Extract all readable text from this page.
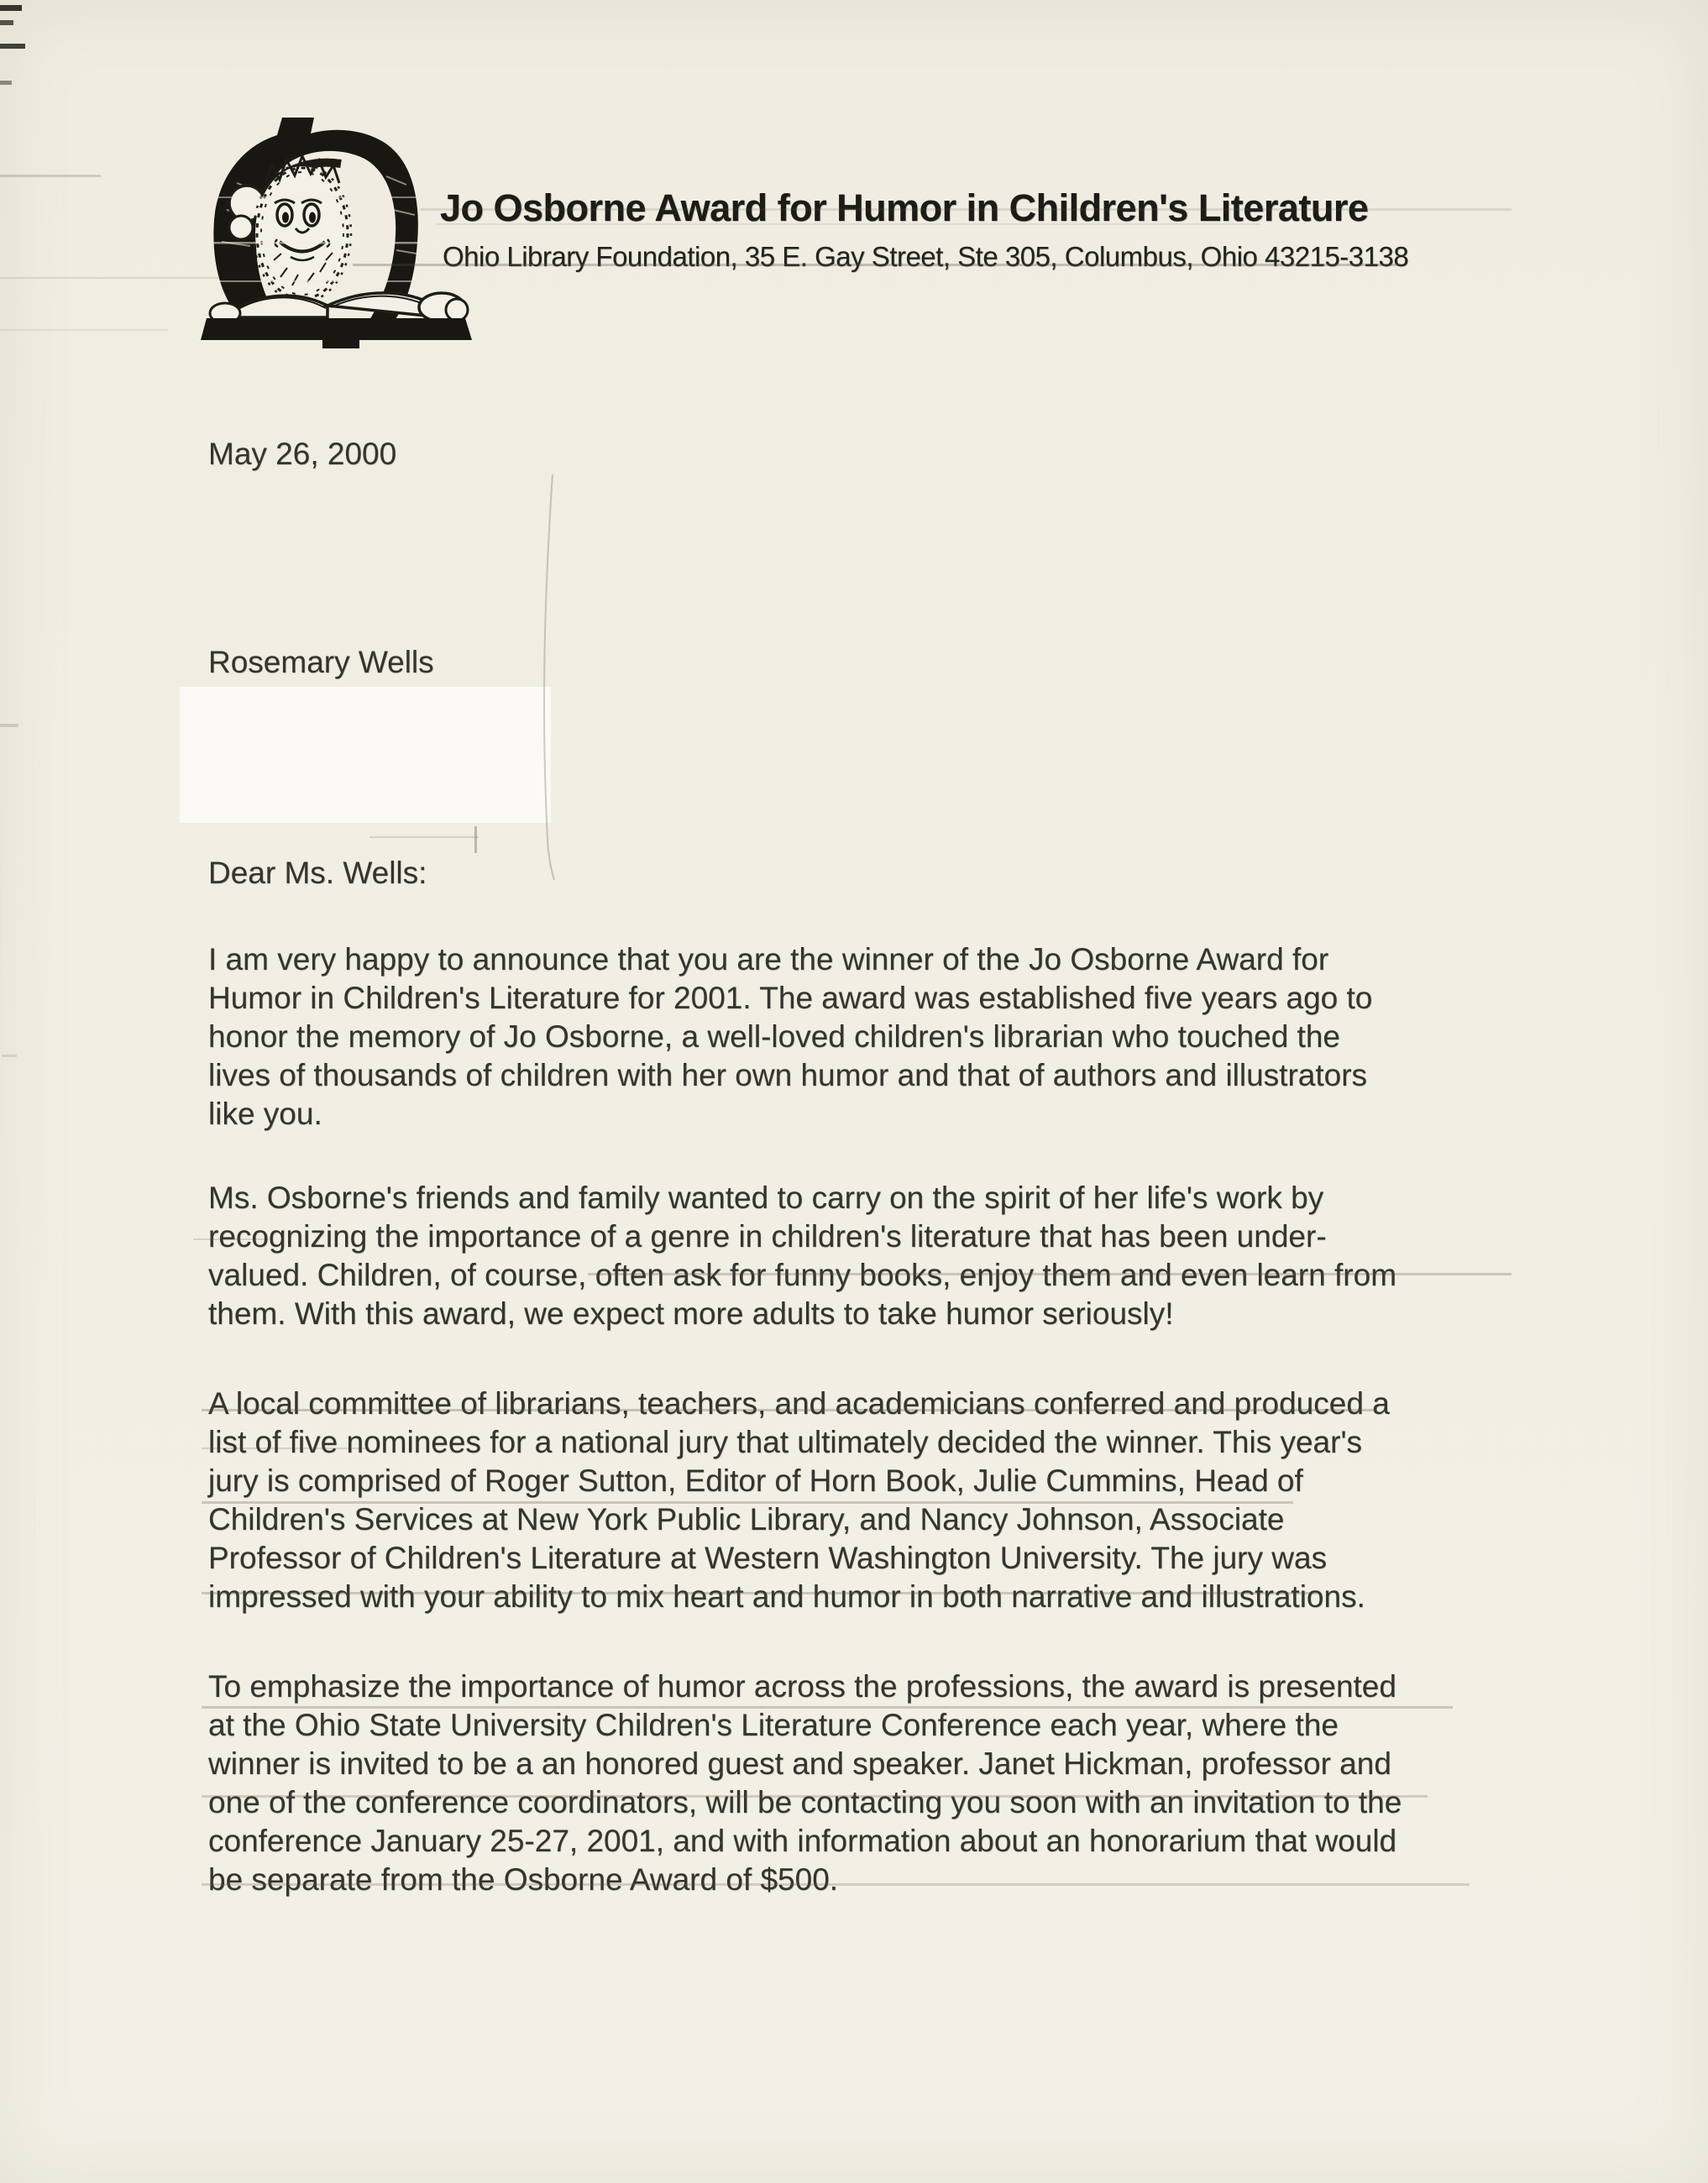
Jo Osborne Award for Humor in Children's Literature
Ohio Library Foundation, 35 E. Gay Street, Ste 305, Columbus, Ohio 43215-3138
May 26, 2000
Rosemary Wells
Dear Ms. Wells:
I am very happy to announce that you are the winner of the Jo Osborne Award for
Humor in Children's Literature for 2001. The award was established five years ago to
honor the memory of Jo Osborne, a well-loved children's librarian who touched the
lives of thousands of children with her own humor and that of authors and illustrators
like you.
Ms. Osborne's friends and family wanted to carry on the spirit of her life's work by
recognizing the importance of a genre in children's literature that has been under-
valued. Children, of course, often ask for funny books, enjoy them and even learn from
them. With this award, we expect more adults to take humor seriously!
A local committee of librarians, teachers, and academicians conferred and produced a
list of five nominees for a national jury that ultimately decided the winner. This year's
jury is comprised of Roger Sutton, Editor of Horn Book, Julie Cummins, Head of
Children's Services at New York Public Library, and Nancy Johnson, Associate
Professor of Children's Literature at Western Washington University. The jury was
impressed with your ability to mix heart and humor in both narrative and illustrations.
To emphasize the importance of humor across the professions, the award is presented
at the Ohio State University Children's Literature Conference each year, where the
winner is invited to be a an honored guest and speaker. Janet Hickman, professor and
one of the conference coordinators, will be contacting you soon with an invitation to the
conference January 25-27, 2001, and with information about an honorarium that would
be separate from the Osborne Award of $500.
